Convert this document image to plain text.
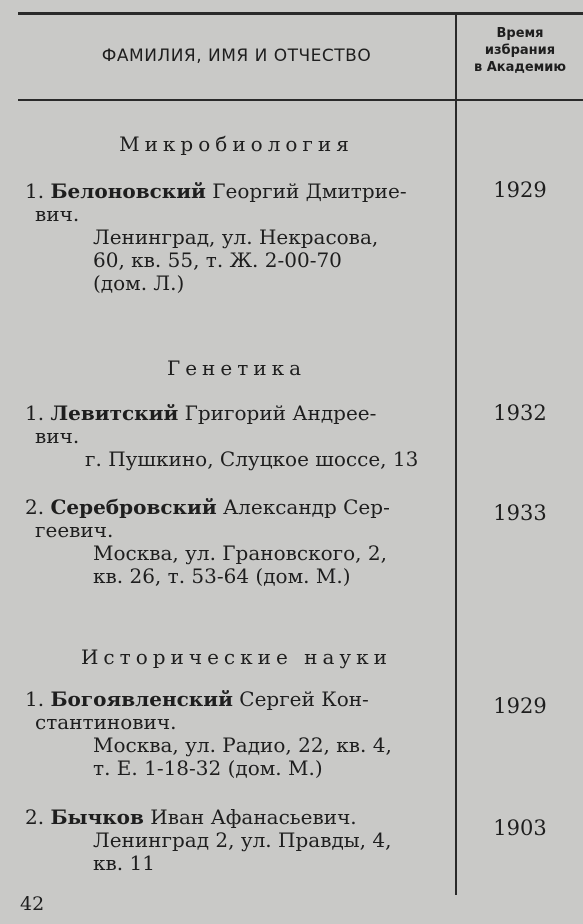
ФАМИЛИЯ, ИМЯ И ОТЧЕСТВО
Время
избрания
в Академию
Микробиология
1. Белоновский Георгий Дмитрие-
вич.
Ленинград, ул. Некрасова,
60, кв. 55, т. Ж. 2-00-70
(дом. Л.)
1929
Генетика
1. Левитский Григорий Андрее-
вич.
г. Пушкино, Слуцкое шоссе, 13
1932
2. Серебровский Александр Сер-
геевич.
Москва, ул. Грановского, 2,
кв. 26, т. 53-64 (дом. М.)
1933
Исторические науки
1. Богоявленский Сергей Кон-
стантинович.
Москва, ул. Радио, 22, кв. 4,
т. Е. 1-18-32 (дом. М.)
1929
2. Бычков Иван Афанасьевич.
Ленинград 2, ул. Правды, 4,
кв. 11
1903
42
